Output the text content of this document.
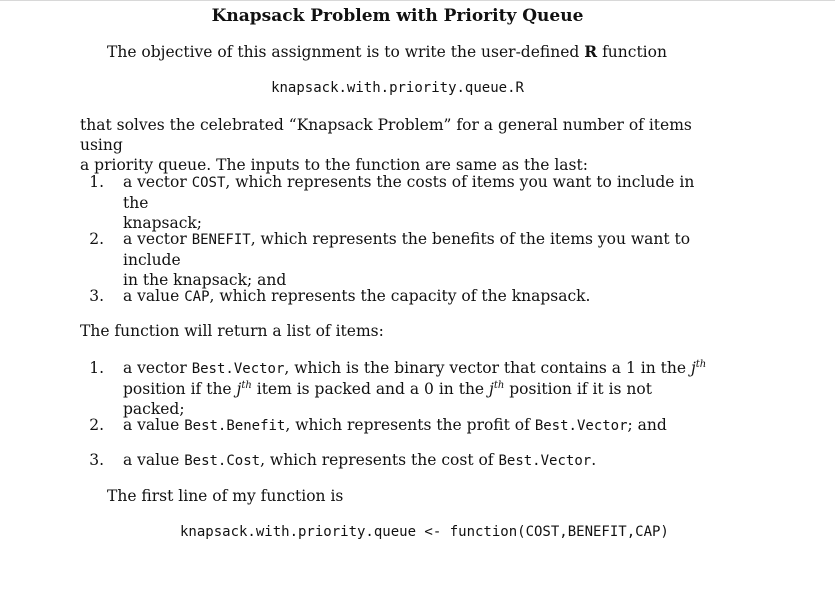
Knapsack Problem with Priority Queue
The objective of this assignment is to write the user-defined R function
knapsack.with.priority.queue.R
that solves the celebrated “Knapsack Problem” for a general number of items using
a priority queue. The inputs to the function are same as the last:
1. a vector COST, which represents the costs of items you want to include in the
knapsack;
2. a vector BENEFIT, which represents the benefits of the items you want to include
in the knapsack; and
3. a value CAP, which represents the capacity of the knapsack.
The function will return a list of items:
1. a vector Best.Vector, which is the binary vector that contains a 1 in the $j^{th}$
position if the $j^{th}$ item is packed and a 0 in the $j^{th}$ position if it is not packed;
2. a value Best.Benefit, which represents the profit of Best.Vector; and
3. a value Best.Cost, which represents the cost of Best.Vector.
The first line of my function is
knapsack.with.priority.queue <- function(COST,BENEFIT,CAP)
